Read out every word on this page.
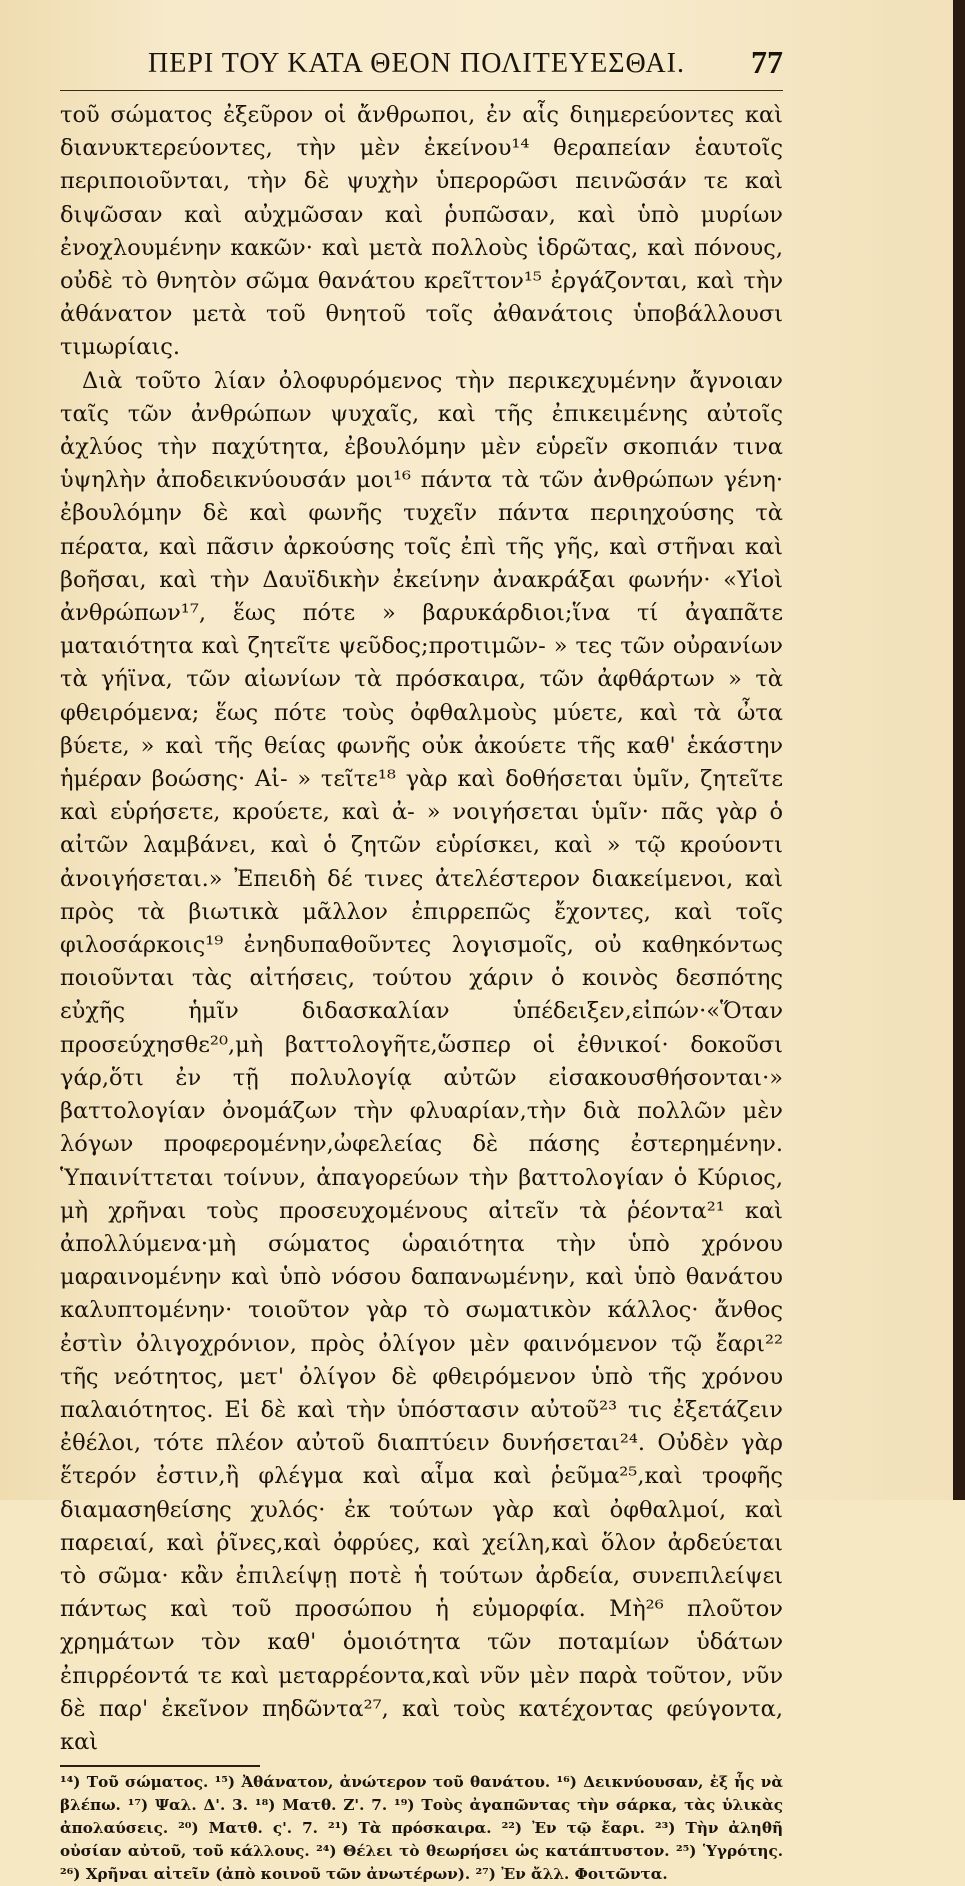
ΠΕΡΙ ΤΟΥ ΚΑΤΑ ΘΕΟΝ ΠΟΛΙΤΕΥΕΣΘΑΙ. 77

τοῦ σώματος ἐξεῦρον οἱ ἄνθρωποι, ἐν αἷς διημερεύοντες καὶ διανυκτερεύοντες, τὴν μὲν ἐκείνου¹⁴ θεραπείαν ἑαυτοῖς περιποιοῦνται, τὴν δὲ ψυχὴν ὑπερορῶσι πεινῶσάν τε καὶ διψῶσαν καὶ αὐχμῶσαν καὶ ῥυπῶσαν, καὶ ὑπὸ μυρίων ἐνοχλουμένην κακῶν· καὶ μετὰ πολλοὺς ἱδρῶτας, καὶ πόνους, οὐδὲ τὸ θνητὸν σῶμα θανάτου κρεῖττον¹⁵ ἐργάζονται, καὶ τὴν ἀθάνατον μετὰ τοῦ θνητοῦ τοῖς ἀθανάτοις ὑποβάλλουσι τιμωρίαις.

Διὰ τοῦτο λίαν ὀλοφυρόμενος τὴν περικεχυμένην ἄγνοιαν ταῖς τῶν ἀνθρώπων ψυχαῖς, καὶ τῆς ἐπικειμένης αὐτοῖς ἀχλύος τὴν παχύτητα, ἐβουλόμην μὲν εὑρεῖν σκοπιάν τινα ὑψηλὴν ἀποδεικνύουσάν μοι¹⁶ πάντα τὰ τῶν ἀνθρώπων γένη· ἐβουλόμην δὲ καὶ φωνῆς τυχεῖν πάντα περιηχούσης τὰ πέρατα, καὶ πᾶσιν ἀρκούσης τοῖς ἐπὶ τῆς γῆς, καὶ στῆναι καὶ βοῆσαι, καὶ τὴν Δαυϊδικὴν ἐκείνην ἀνακράξαι φωνήν· «Υἱοὶ ἀνθρώπων¹⁷, ἕως πότε » βαρυκάρδιοι;ἵνα τί ἀγαπᾶτε ματαιότητα καὶ ζητεῖτε ψεῦδος;προτιμῶν- » τες τῶν οὐρανίων τὰ γήϊνα, τῶν αἰωνίων τὰ πρόσκαιρα, τῶν ἀφθάρτων » τὰ φθειρόμενα; ἕως πότε τοὺς ὀφθαλμοὺς μύετε, καὶ τὰ ὦτα βύετε, » καὶ τῆς θείας φωνῆς οὐκ ἀκούετε τῆς καθ' ἑκάστην ἡμέραν βοώσης· Αἰ- » τεῖτε¹⁸ γὰρ καὶ δοθήσεται ὑμῖν, ζητεῖτε καὶ εὑρήσετε, κρούετε, καὶ ἀ- » νοιγήσεται ὑμῖν· πᾶς γὰρ ὁ αἰτῶν λαμβάνει, καὶ ὁ ζητῶν εὑρίσκει, καὶ » τῷ κρούοντι ἀνοιγήσεται.» Ἐπειδὴ δέ τινες ἀτελέστερον διακείμενοι, καὶ πρὸς τὰ βιωτικὰ μᾶλλον ἐπιρρεπῶς ἔχοντες, καὶ τοῖς φιλοσάρκοις¹⁹ ἐνηδυπαθοῦντες λογισμοῖς, οὐ καθηκόντως ποιοῦνται τὰς αἰτήσεις, τούτου χάριν ὁ κοινὸς δεσπότης εὐχῆς ἡμῖν διδασκαλίαν ὑπέδειξεν,εἰπών·«Ὅταν προσεύχησθε²⁰,μὴ βαττολογῆτε,ὥσπερ οἱ ἐθνικοί· δοκοῦσι γάρ,ὅτι ἐν τῇ πολυλογίᾳ αὐτῶν εἰσακουσθήσονται·» βαττολογίαν ὀνομάζων τὴν φλυαρίαν,τὴν διὰ πολλῶν μὲν λόγων προφερομένην,ὠφελείας δὲ πάσης ἐστερημένην. Ὑπαινίττεται τοίνυν, ἀπαγορεύων τὴν βαττολογίαν ὁ Κύριος, μὴ χρῆναι τοὺς προσευχομένους αἰτεῖν τὰ ῥέοντα²¹ καὶ ἀπολλύμενα·μὴ σώματος ὡραιότητα τὴν ὑπὸ χρόνου μαραινομένην καὶ ὑπὸ νόσου δαπανωμένην, καὶ ὑπὸ θανάτου καλυπτομένην· τοιοῦτον γὰρ τὸ σωματικὸν κάλλος· ἄνθος ἐστὶν ὀλιγοχρόνιον, πρὸς ὀλίγον μὲν φαινόμενον τῷ ἔαρι²² τῆς νεότητος, μετ' ὀλίγον δὲ φθειρόμενον ὑπὸ τῆς χρόνου παλαιότητος. Εἰ δὲ καὶ τὴν ὑπόστασιν αὐτοῦ²³ τις ἐξετάζειν ἐθέλοι, τότε πλέον αὐτοῦ διαπτύειν δυνήσεται²⁴. Οὐδὲν γὰρ ἕτερόν ἐστιν,ἢ φλέγμα καὶ αἷμα καὶ ῥεῦμα²⁵,καὶ τροφῆς διαμασηθείσης χυλός· ἐκ τούτων γὰρ καὶ ὀφθαλμοί, καὶ παρειαί, καὶ ῥῖνες,καὶ ὀφρύες, καὶ χείλη,καὶ ὅλον ἀρδεύεται τὸ σῶμα· κἂν ἐπιλείψῃ ποτὲ ἡ τούτων ἀρδεία, συνεπιλείψει πάντως καὶ τοῦ προσώπου ἡ εὐμορφία. Μὴ²⁶ πλοῦτον χρημάτων τὸν καθ' ὁμοιότητα τῶν ποταμίων ὑδάτων ἐπιρρέοντά τε καὶ μεταρρέοντα,καὶ νῦν μὲν παρὰ τοῦτον, νῦν δὲ παρ' ἐκεῖνον πηδῶντα²⁷, καὶ τοὺς κατέχοντας φεύγοντα, καὶ

¹⁴) Τοῦ σώματος. ¹⁵) Ἀθάνατον, ἀνώτερον τοῦ θανάτου. ¹⁶) Δεικνύουσαν, ἐξ ἧς νὰ βλέπω. ¹⁷) Ψαλ. Δ'. 3. ¹⁸) Ματθ. Ζ'. 7. ¹⁹) Τοὺς ἀγαπῶντας τὴν σάρκα, τὰς ὑλικὰς ἀπολαύσεις. ²⁰) Ματθ. ς'. 7. ²¹) Τὰ πρόσκαιρα. ²²) Ἐν τῷ ἔαρι. ²³) Τὴν ἀληθῆ οὐσίαν αὐτοῦ, τοῦ κάλλους. ²⁴) Θέλει τὸ θεωρήσει ὡς κατάπτυστον. ²⁵) Ὑγρότης. ²⁶) Χρῆναι αἰτεῖν (ἀπὸ κοινοῦ τῶν ἀνωτέρων). ²⁷) Ἐν ἄλλ. Φοιτῶντα.
